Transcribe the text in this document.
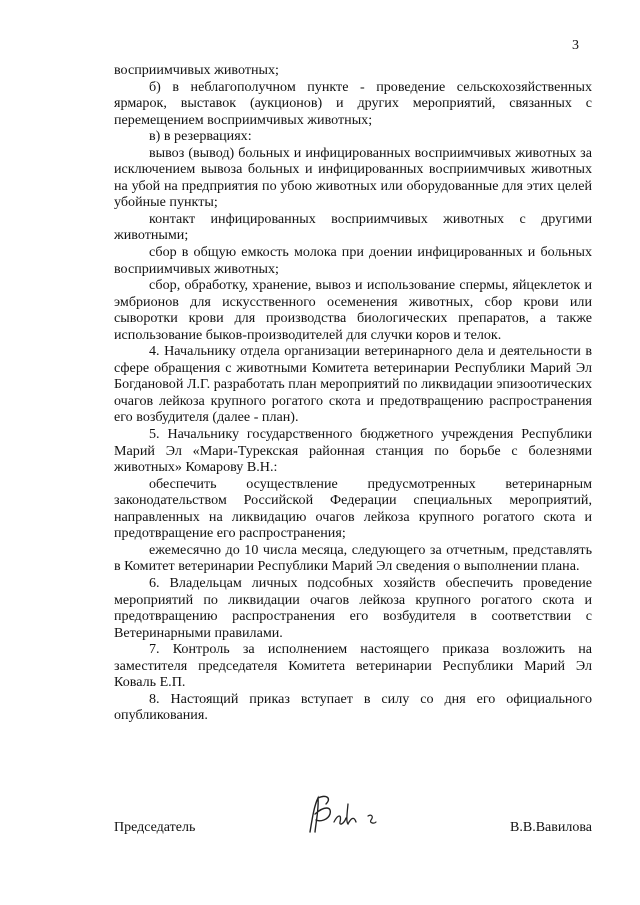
3

восприимчивых животных;

б) в неблагополучном пункте - проведение сельскохозяйственных ярмарок, выставок (аукционов) и других мероприятий, связанных с перемещением восприимчивых животных;

в) в резервациях:

вывоз (вывод) больных и инфицированных восприимчивых животных за исключением вывоза больных и инфицированных восприимчивых животных на убой на предприятия по убою животных или оборудованные для этих целей убойные пункты;

контакт инфицированных восприимчивых животных с другими животными;

сбор в общую емкость молока при доении инфицированных и больных восприимчивых животных;

сбор, обработку, хранение, вывоз и использование спермы, яйцеклеток и эмбрионов для искусственного осеменения животных, сбор крови или сыворотки крови для производства биологических препаратов, а также использование быков-производителей для случки коров и телок.

4. Начальнику отдела организации ветеринарного дела и деятельности в сфере обращения с животными Комитета ветеринарии Республики Марий Эл Богдановой Л.Г. разработать план мероприятий по ликвидации эпизоотических очагов лейкоза крупного рогатого скота и предотвращению распространения его возбудителя (далее - план).

5. Начальнику государственного бюджетного учреждения Республики Марий Эл «Мари-Турекская районная станция по борьбе с болезнями животных» Комарову В.Н.:

обеспечить осуществление предусмотренных ветеринарным законодательством Российской Федерации специальных мероприятий, направленных на ликвидацию очагов лейкоза крупного рогатого скота и предотвращение его распространения;

ежемесячно до 10 числа месяца, следующего за отчетным, представлять в Комитет ветеринарии Республики Марий Эл сведения о выполнении плана.

6. Владельцам личных подсобных хозяйств обеспечить проведение мероприятий по ликвидации очагов лейкоза крупного рогатого скота и предотвращению распространения его возбудителя в соответствии с Ветеринарными правилами.

7. Контроль за исполнением настоящего приказа возложить на заместителя председателя Комитета ветеринарии Республики Марий Эл Коваль Е.П.

8. Настоящий приказ вступает в силу со дня его официального опубликования.

Председатель	В.В.Вавилова
